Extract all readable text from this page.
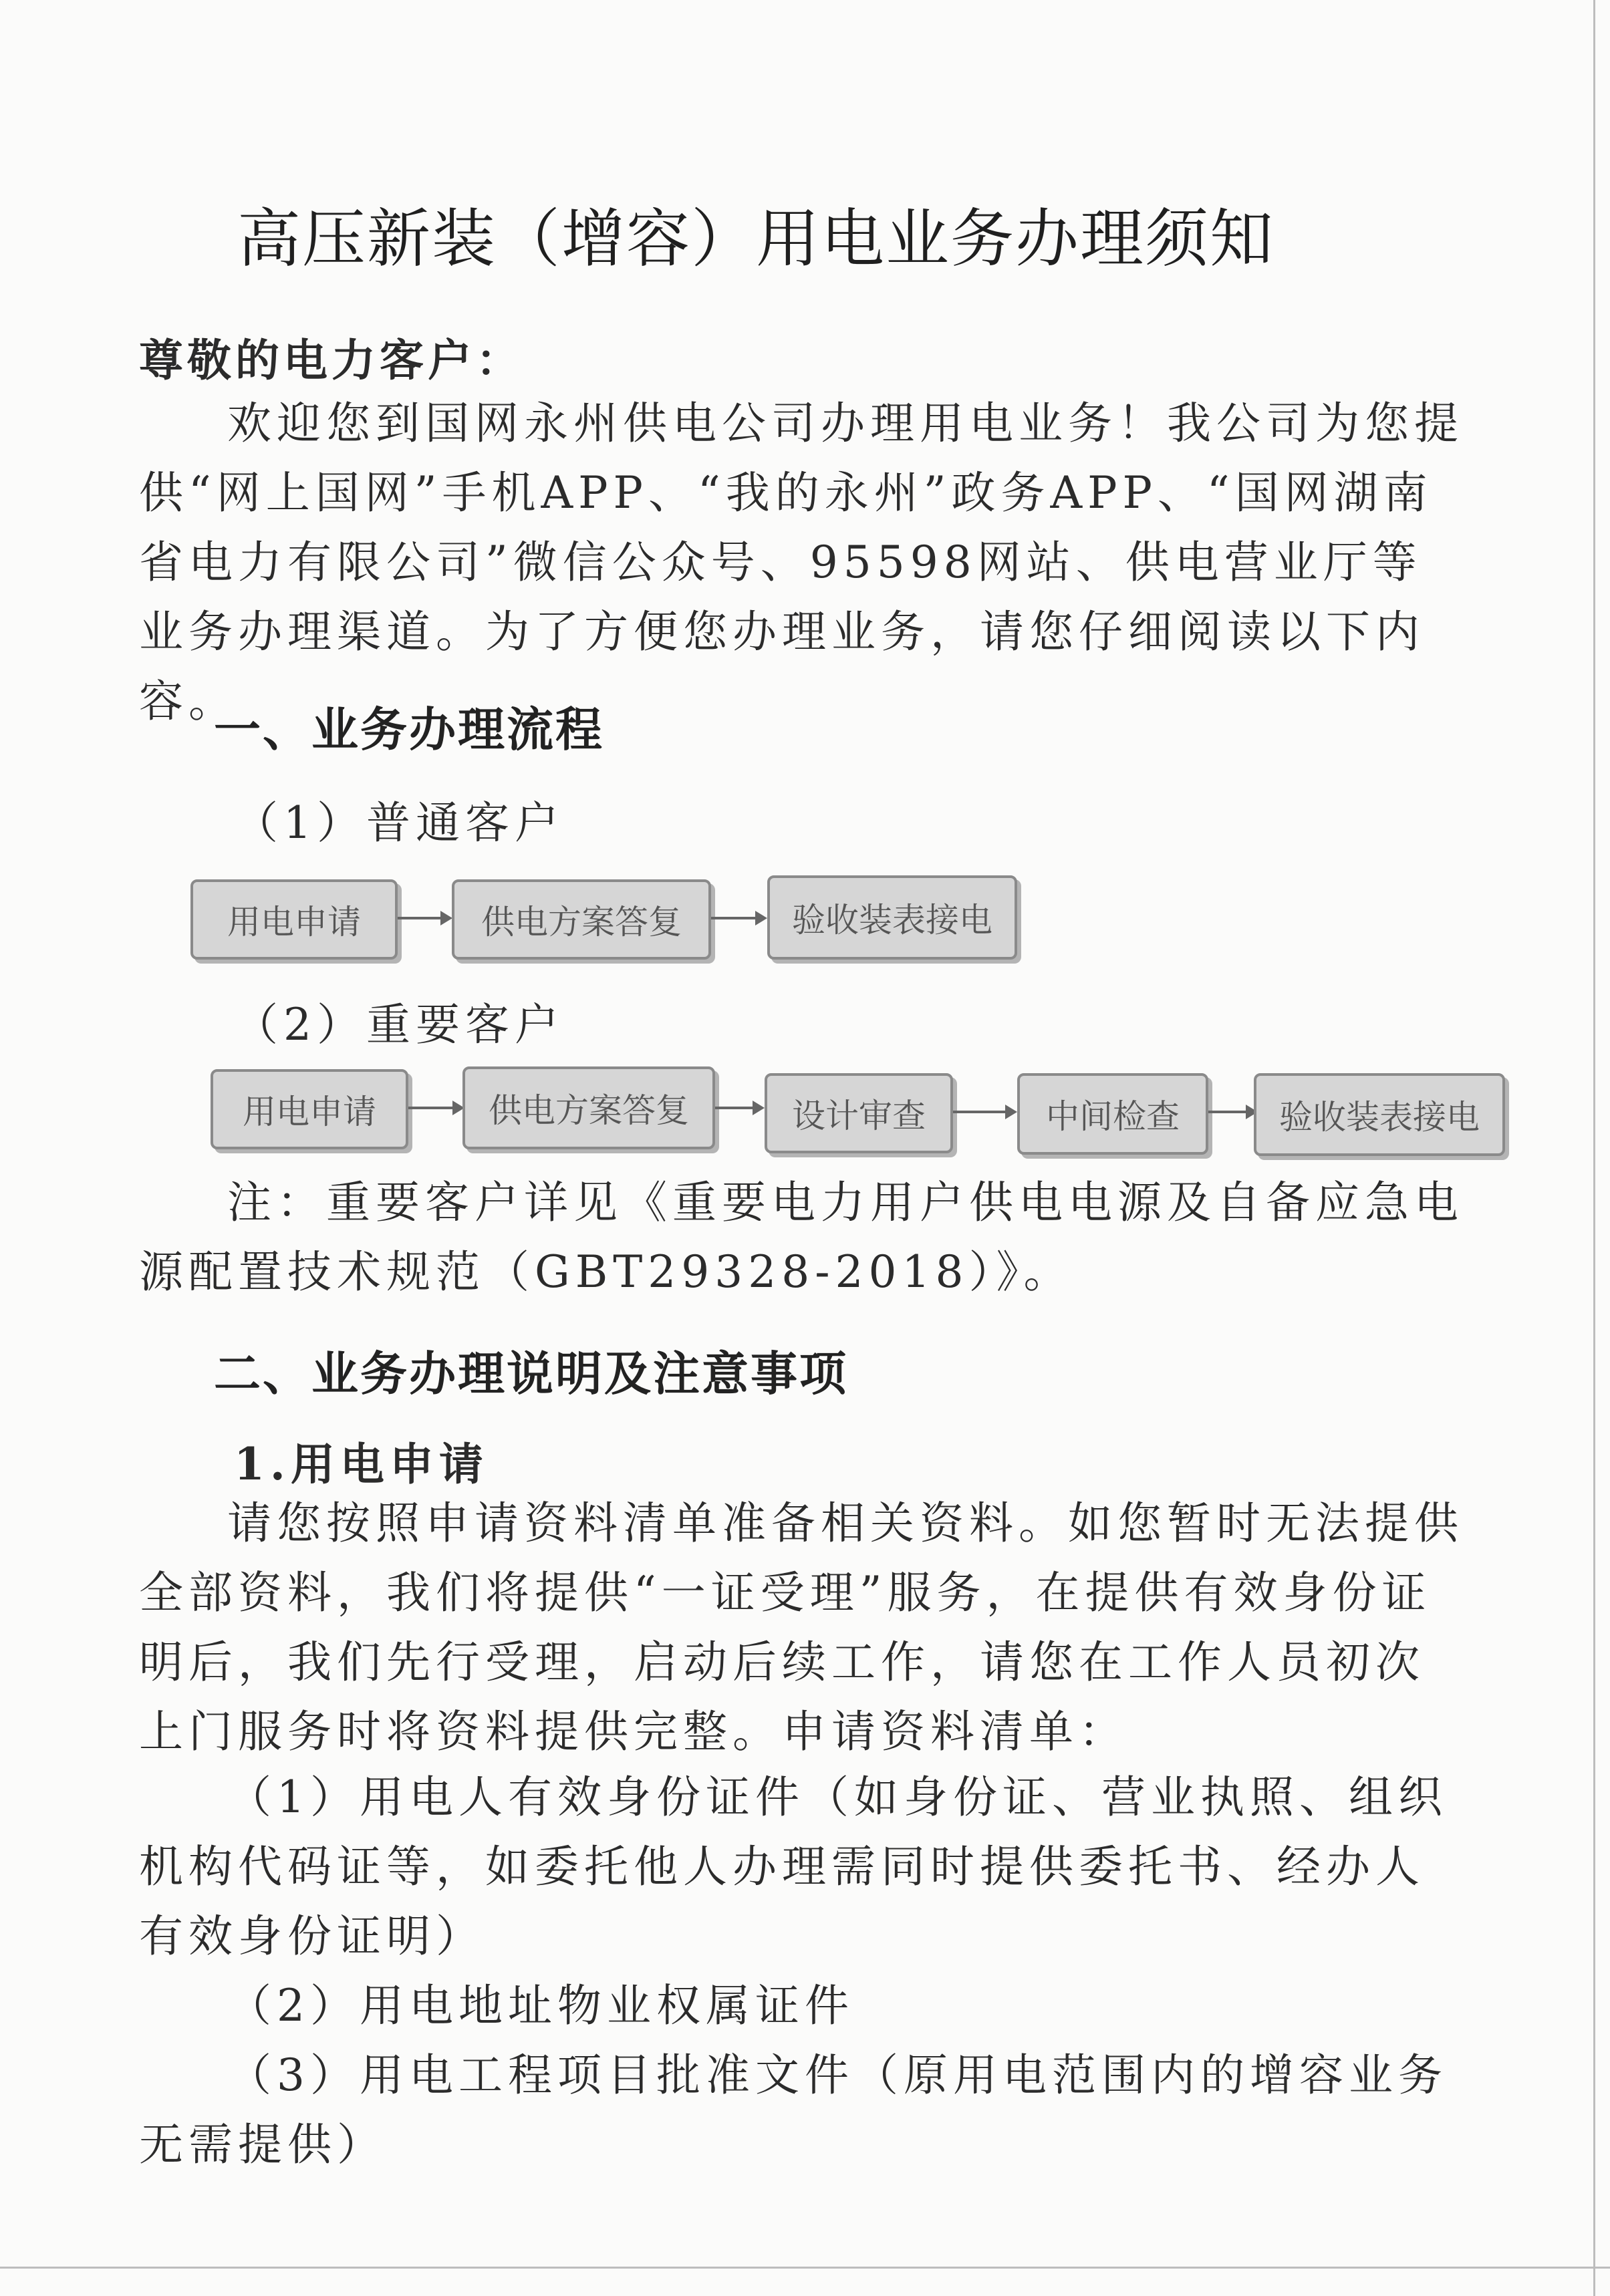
高压新装（增容）用电业务办理须知
尊敬的电力客户：
欢迎您到国网永州供电公司办理用电业务！我公司为您提供“网上国网”手机APP、“我的永州”政务APP、“国网湖南省电力有限公司”微信公众号、95598网站、供电营业厅等业务办理渠道。为了方便您办理业务，请您仔细阅读以下内容。
一、业务办理流程
（1）普通客户
用电申请	供电方案答复	验收装表接电
（2）重要客户
用电申请	供电方案答复	设计审查	中间检查	验收装表接电
注：重要客户详见《重要电力用户供电电源及自备应急电源配置技术规范（GBT29328-2018）》。
二、业务办理说明及注意事项
1.用电申请
请您按照申请资料清单准备相关资料。如您暂时无法提供全部资料，我们将提供“一证受理”服务，在提供有效身份证明后，我们先行受理，启动后续工作，请您在工作人员初次上门服务时将资料提供完整。申请资料清单：
（1）用电人有效身份证件（如身份证、营业执照、组织机构代码证等，如委托他人办理需同时提供委托书、经办人有效身份证明）
（2）用电地址物业权属证件
（3）用电工程项目批准文件（原用电范围内的增容业务无需提供）
